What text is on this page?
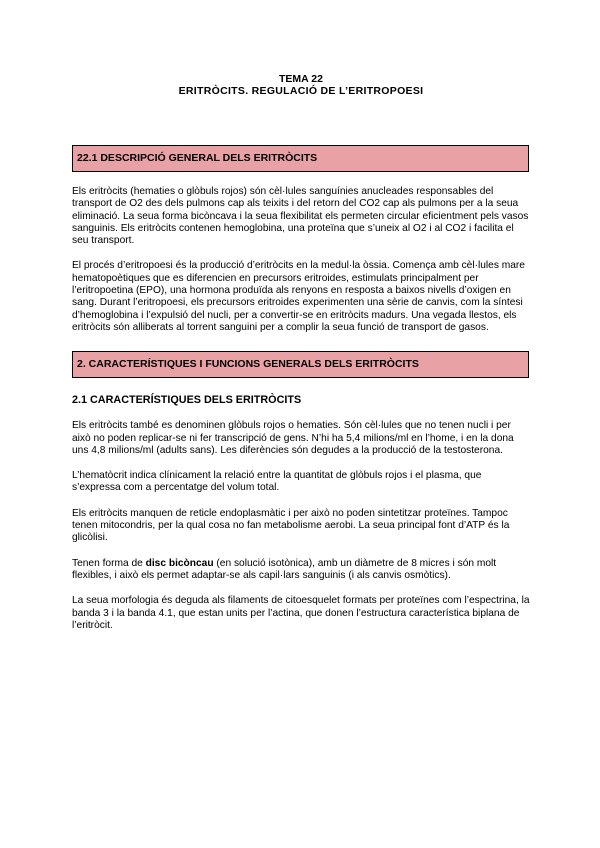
TEMA 22
ERITRÒCITS. REGULACIÓ DE L’ERITROPOESI
22.1 DESCRIPCIÓ GENERAL DELS ERITRÒCITS

Els eritròcits (hematies o glòbuls rojos) són cèl·lules sanguínies anucleades responsables del transport de O2 des dels pulmons cap als teixits i del retorn del CO2 cap als pulmons per a la seua eliminació. La seua forma bicòncava i la seua flexibilitat els permeten circular eficientment pels vasos sanguinis. Els eritròcits contenen hemoglobina, una proteïna que s’uneix al O2 i al CO2 i facilita el seu transport.

El procés d’eritropoesi és la producció d’eritròcits en la medul·la òssia. Comença amb cèl·lules mare hematopoètiques que es diferencien en precursors eritroides, estimulats principalment per l’eritropoetina (EPO), una hormona produïda als renyons en resposta a baixos nivells d’oxigen en sang. Durant l’eritropoesi, els precursors eritroides experimenten una sèrie de canvis, com la síntesi d’hemoglobina i l’expulsió del nucli, per a convertir-se en eritròcits madurs. Una vegada llestos, els eritròcits són alliberats al torrent sanguini per a complir la seua funció de transport de gasos.

2. CARACTERÍSTIQUES I FUNCIONS GENERALS DELS ERITRÒCITS

2.1 CARACTERÍSTIQUES DELS ERITRÒCITS

Els eritròcits també es denominen glòbuls rojos o hematies. Són cèl·lules que no tenen nucli i per això no poden replicar-se ni fer transcripció de gens. N’hi ha 5,4 milions/ml en l’home, i en la dona uns 4,8 milions/ml (adults sans). Les diferències són degudes a la producció de la testosterona.

L’hematòcrit indica clínicament la relació entre la quantitat de glòbuls rojos i el plasma, que s’expressa com a percentatge del volum total.

Els eritròcits manquen de reticle endoplasmàtic i per això no poden sintetitzar proteïnes. Tampoc tenen mitocondris, per la qual cosa no fan metabolisme aerobi. La seua principal font d’ATP és la glicòlisi.

Tenen forma de disc bicòncau (en solució isotònica), amb un diàmetre de 8 micres i són molt flexibles, i això els permet adaptar-se als capil·lars sanguinis (i als canvis osmòtics).

La seua morfologia és deguda als filaments de citoesquelet formats per proteïnes com l’espectrina, la banda 3 i la banda 4.1, que estan units per l’actina, que donen l’estructura característica biplana de l’eritròcit.
